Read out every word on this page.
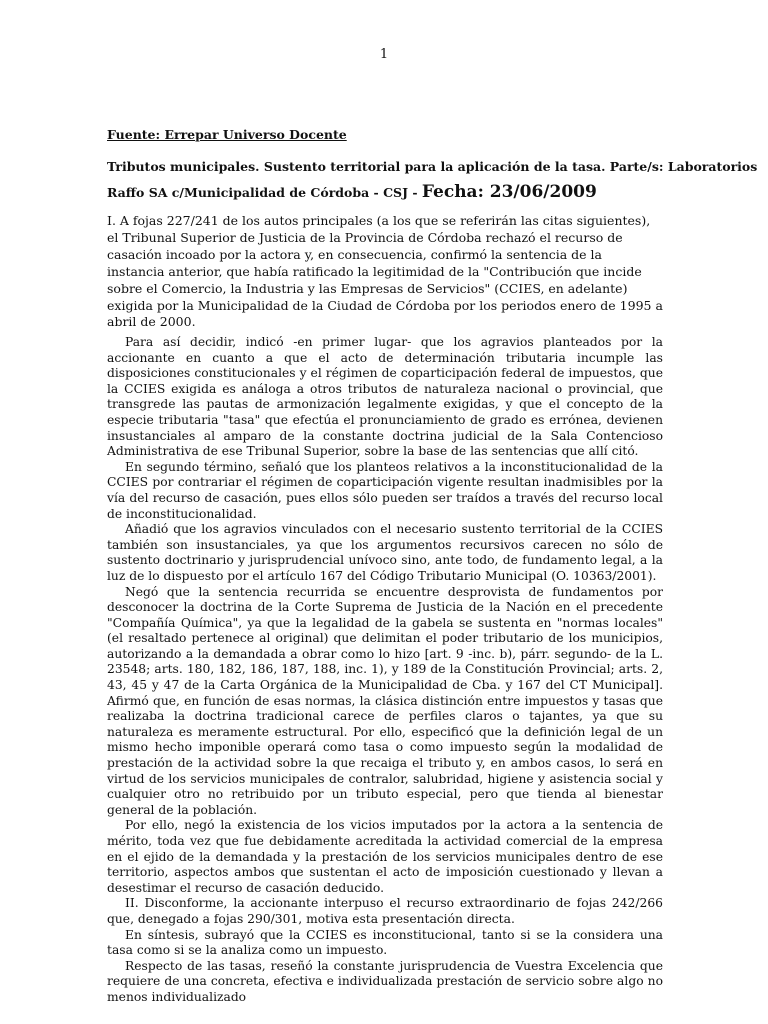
1
Fuente: Errepar Universo Docente
Tributos municipales. Sustento territorial para la aplicación de la tasa. Parte/s: Laboratorios
Raffo SA c/Municipalidad de Córdoba - CSJ - Fecha: 23/06/2009
I. A fojas 227/241 de los autos principales (a los que se referirán las citas siguientes), el Tribunal Superior de Justicia de la Provincia de Córdoba rechazó el recurso de casación incoado por la actora y, en consecuencia, confirmó la sentencia de la instancia anterior, que había ratificado la legitimidad de la "Contribución que incide sobre el Comercio, la Industria y las Empresas de Servicios" (CCIES, en adelante) exigida por la Municipalidad de la Ciudad de Córdoba por los periodos enero de 1995 a abril de 2000.

Para así decidir, indicó -en primer lugar- que los agravios planteados por la accionante en cuanto a que el acto de determinación tributaria incumple las disposiciones constitucionales y el régimen de coparticipación federal de impuestos, que la CCIES exigida es análoga a otros tributos de naturaleza nacional o provincial, que transgrede las pautas de armonización legalmente exigidas, y que el concepto de la especie tributaria "tasa" que efectúa el pronunciamiento de grado es errónea, devienen insustanciales al amparo de la constante doctrina judicial de la Sala Contencioso Administrativa de ese Tribunal Superior, sobre la base de las sentencias que allí citó.

En segundo término, señaló que los planteos relativos a la inconstitucionalidad de la CCIES por contrariar el régimen de coparticipación vigente resultan inadmisibles por la vía del recurso de casación, pues ellos sólo pueden ser traídos a través del recurso local de inconstitucionalidad.

Añadió que los agravios vinculados con el necesario sustento territorial de la CCIES también son insustanciales, ya que los argumentos recursivos carecen no sólo de sustento doctrinario y jurisprudencial unívoco sino, ante todo, de fundamento legal, a la luz de lo dispuesto por el artículo 167 del Código Tributario Municipal (O. 10363/2001).

Negó que la sentencia recurrida se encuentre desprovista de fundamentos por desconocer la doctrina de la Corte Suprema de Justicia de la Nación en el precedente "Compañía Química", ya que la legalidad de la gabela se sustenta en "normas locales" (el resaltado pertenece al original) que delimitan el poder tributario de los municipios, autorizando a la demandada a obrar como lo hizo [art. 9 -inc. b), párr. segundo- de la L. 23548; arts. 180, 182, 186, 187, 188, inc. 1), y 189 de la Constitución Provincial; arts. 2, 43, 45 y 47 de la Carta Orgánica de la Municipalidad de Cba. y 167 del CT Municipal]. Afirmó que, en función de esas normas, la clásica distinción entre impuestos y tasas que realizaba la doctrina tradicional carece de perfiles claros o tajantes, ya que su naturaleza es meramente estructural. Por ello, especificó que la definición legal de un mismo hecho imponible operará como tasa o como impuesto según la modalidad de prestación de la actividad sobre la que recaiga el tributo y, en ambos casos, lo será en virtud de los servicios municipales de contralor, salubridad, higiene y asistencia social y cualquier otro no retribuido por un tributo especial, pero que tienda al bienestar general de la población.

Por ello, negó la existencia de los vicios imputados por la actora a la sentencia de mérito, toda vez que fue debidamente acreditada la actividad comercial de la empresa en el ejido de la demandada y la prestación de los servicios municipales dentro de ese territorio, aspectos ambos que sustentan el acto de imposición cuestionado y llevan a desestimar el recurso de casación deducido.

II. Disconforme, la accionante interpuso el recurso extraordinario de fojas 242/266 que, denegado a fojas 290/301, motiva esta presentación directa.

En síntesis, subrayó que la CCIES es inconstitucional, tanto si se la considera una tasa como si se la analiza como un impuesto.

Respecto de las tasas, reseñó la constante jurisprudencia de Vuestra Excelencia que requiere de una concreta, efectiva e individualizada prestación de servicio sobre algo no menos individualizado
